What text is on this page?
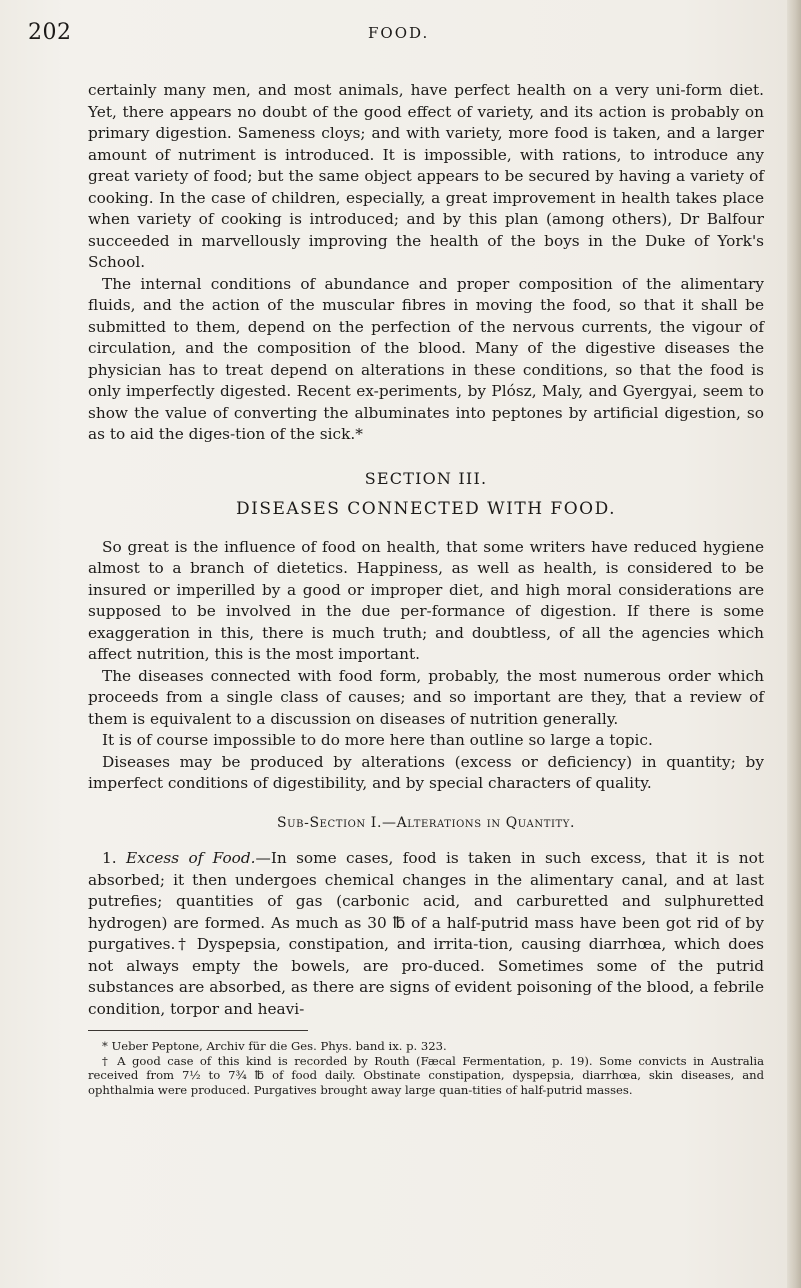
202	FOOD.

certainly many men, and most animals, have perfect health on a very uni-form diet. Yet, there appears no doubt of the good effect of variety, and its action is probably on primary digestion. Sameness cloys; and with variety, more food is taken, and a larger amount of nutriment is introduced. It is impossible, with rations, to introduce any great variety of food; but the same object appears to be secured by having a variety of cooking. In the case of children, especially, a great improvement in health takes place when variety of cooking is introduced; and by this plan (among others), Dr Balfour succeeded in marvellously improving the health of the boys in the Duke of York's School.

The internal conditions of abundance and proper composition of the alimentary fluids, and the action of the muscular fibres in moving the food, so that it shall be submitted to them, depend on the perfection of the nervous currents, the vigour of circulation, and the composition of the blood. Many of the digestive diseases the physician has to treat depend on alterations in these conditions, so that the food is only imperfectly digested. Recent ex-periments, by Plósz, Maly, and Gyergyai, seem to show the value of converting the albuminates into peptones by artificial digestion, so as to aid the diges-tion of the sick.*

SECTION III.
DISEASES CONNECTED WITH FOOD.

So great is the influence of food on health, that some writers have reduced hygiene almost to a branch of dietetics. Happiness, as well as health, is considered to be insured or imperilled by a good or improper diet, and high moral considerations are supposed to be involved in the due per-formance of digestion. If there is some exaggeration in this, there is much truth; and doubtless, of all the agencies which affect nutrition, this is the most important.

The diseases connected with food form, probably, the most numerous order which proceeds from a single class of causes; and so important are they, that a review of them is equivalent to a discussion on diseases of nutrition generally.

It is of course impossible to do more here than outline so large a topic.

Diseases may be produced by alterations (excess or deficiency) in quantity; by imperfect conditions of digestibility, and by special characters of quality.

Sub-Section I.—Alterations in Quantity.

1. Excess of Food.—In some cases, food is taken in such excess, that it is not absorbed; it then undergoes chemical changes in the alimentary canal, and at last putrefies; quantities of gas (carbonic acid, and carburetted and sulphuretted hydrogen) are formed. As much as 30 ℔ of a half-putrid mass have been got rid of by purgatives.† Dyspepsia, constipation, and irrita-tion, causing diarrhœa, which does not always empty the bowels, are pro-duced. Sometimes some of the putrid substances are absorbed, as there are signs of evident poisoning of the blood, a febrile condition, torpor and heavi-

* Ueber Peptone, Archiv für die Ges. Phys. band ix. p. 323.

† A good case of this kind is recorded by Routh (Fæcal Fermentation, p. 19). Some convicts in Australia received from 7½ to 7¾ ℔ of food daily. Obstinate constipation, dyspepsia, diarrhœa, skin diseases, and ophthalmia were produced. Purgatives brought away large quan-tities of half-putrid masses.
